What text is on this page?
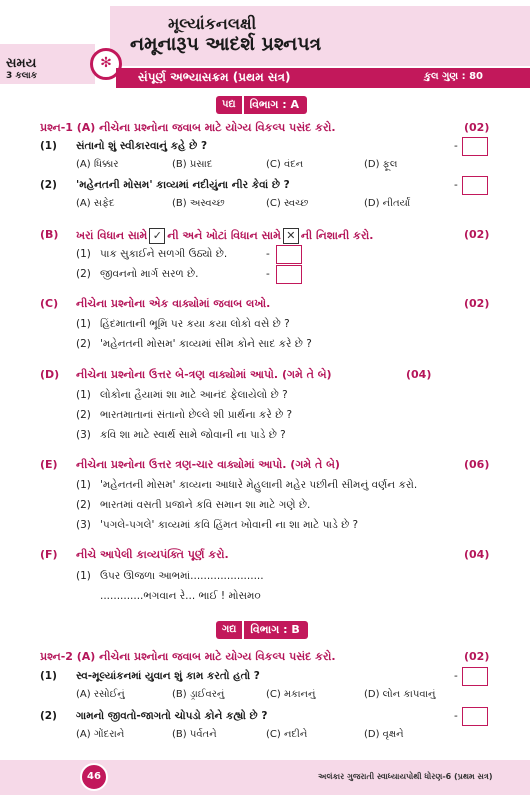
સમય
3 કલાક
✻
મૂલ્યાંકનલક્ષી
નમૂનારૂપ આદર્શ પ્રશ્નપત્ર
સંપૂર્ણ અભ્યાસક્રમ (પ્રથમ સત્ર)	કુલ ગુણ : 80
પદ્ય	વિભાગ : A
પ્રશ્ન-1 (A) નીચેના પ્રશ્નોના જવાબ માટે યોગ્ય વિકલ્પ પસંદ કરો.	(02)
(1) સંતાનો શું સ્વીકારવાનું કહે છે ?	-
(A) ધિક્કાર	(B) પ્રસાદ	(C) વંદન	(D) ફૂલ
(2) 'મહેનતની મોસમ' કાવ્યમાં નદીયુંના નીર કેવાં છે ?	-
(A) સફેદ	(B) અસ્વચ્છ	(C) સ્વચ્છ	(D) નીતર્યાં
(B) ખરાં વિધાન સામે ✓ ની અને ખોટાં વિધાન સામે ✕ ની નિશાની કરો.	(02)
(1) પાક સુકાઈને સળગી ઉઠ્યો છે.	-
(2) જીવનનો માર્ગ સરળ છે.	-
(C) નીચેના પ્રશ્નોના એક વાક્યોમાં જવાબ લખો.	(02)
(1) હિંદમાતાની ભૂમિ પર કયા કયા લોકો વસે છે ?
(2) 'મહેનતની મોસમ' કાવ્યમાં સીમ કોને સાદ કરે છે ?
(D) નીચેના પ્રશ્નોના ઉત્તર બે-ત્રણ વાક્યોમાં આપો. (ગમે તે બે)	(04)
(1) લોકોના હૈયામાં શા માટે આનંદ ફેલાયેલો છે ?
(2) ભારતમાતાનાં સંતાનો છેલ્લે શી પ્રાર્થના કરે છે ?
(3) કવિ શા માટે સ્વાર્થ સામે જોવાની ના પાડે છે ?
(E) નીચેના પ્રશ્નોના ઉત્તર ત્રણ-ચાર વાક્યોમાં આપો. (ગમે તે બે)	(06)
(1) 'મહેનતની મોસમ' કાવ્યના આધારે મેહુલાની મહેર પછીની સીમનું વર્ણન કરો.
(2) ભારતમાં વસતી પ્રજાને કવિ સમાન શા માટે ગણે છે.
(3) 'પગલે-પગલે' કાવ્યમાં કવિ હિંમત ખોવાની ના શા માટે પાડે છે ?
(F) નીચે આપેલી કાવ્યપંક્તિ પૂર્ણ કરો.	(04)
(1) ઉપર ઊજળા આભમાં......................
.............ભગવાન રે... ભાઈ ! મોસમ૦
ગદ્ય	વિભાગ : B
પ્રશ્ન-2 (A) નીચેના પ્રશ્નોના જવાબ માટે યોગ્ય વિકલ્પ પસંદ કરો.	(02)
(1) સ્વ-મૂલ્યાંકનમાં યુવાન શું કામ કરતો હતો ?	-
(A) રસોઈનું	(B) ડ્રાઈવરનું	(C) મકાનનું	(D) લોન કાપવાનું
(2) ગામનો જીવતો-જાગતો ચોપડો કોને કહ્યો છે ?	-
(A) ગોંદરાને	(B) પર્વતને	(C) નદીને	(D) વૃક્ષને
46	અલંકાર ગુજરાતી સ્વાધ્યાયપોથી ધોરણ-6 (પ્રથમ સત્ર)
